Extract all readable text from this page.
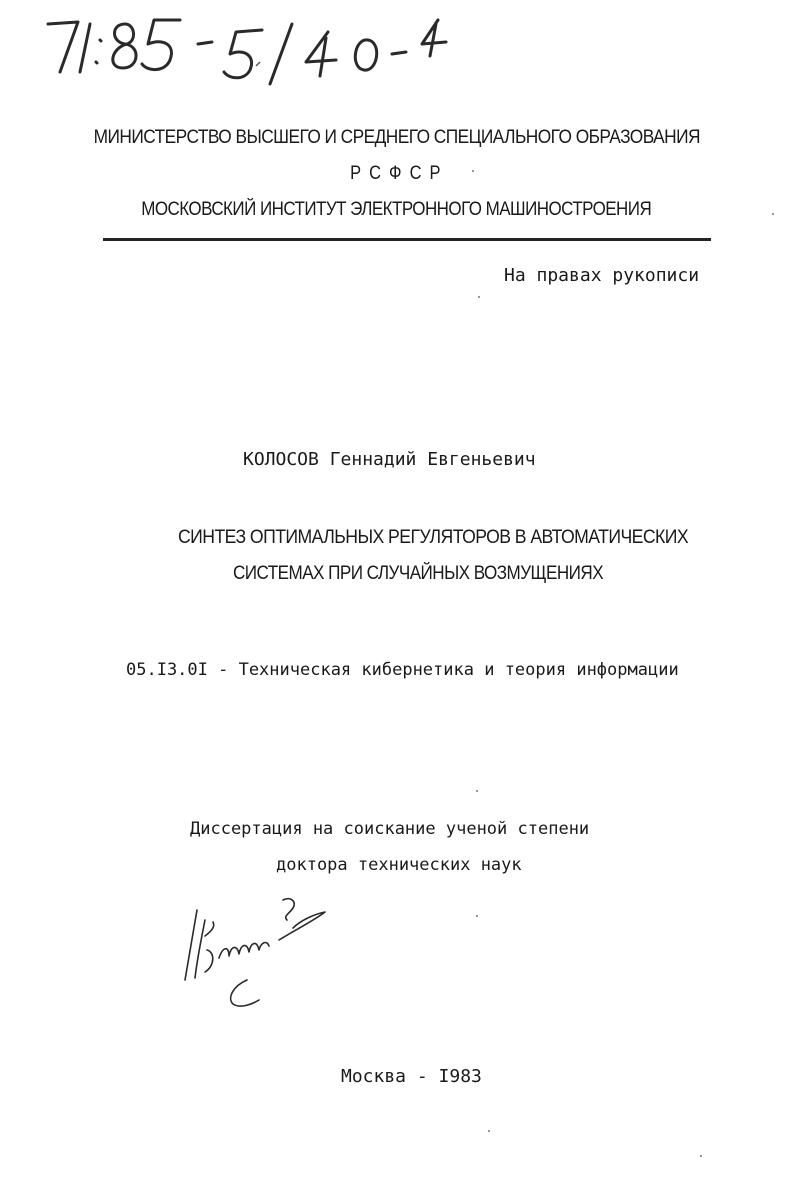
МИНИСТЕРСТВО ВЫСШЕГО И СРЕДНЕГО СПЕЦИАЛЬНОГО ОБРАЗОВАНИЯ
Р С Ф С Р
МОСКОВСКИЙ ИНСТИТУТ ЭЛЕКТРОННОГО МАШИНОСТРОЕНИЯ
На правах рукописи
КОЛОСОВ Геннадий Евгеньевич
СИНТЕЗ ОПТИМАЛЬНЫХ РЕГУЛЯТОРОВ В АВТОМАТИЧЕСКИХ
СИСТЕМАХ ПРИ СЛУЧАЙНЫХ ВОЗМУЩЕНИЯХ
05.I3.0I - Техническая кибернетика и теория информации
Диссертация на соискание ученой степени
доктора технических наук
Москва - I983
